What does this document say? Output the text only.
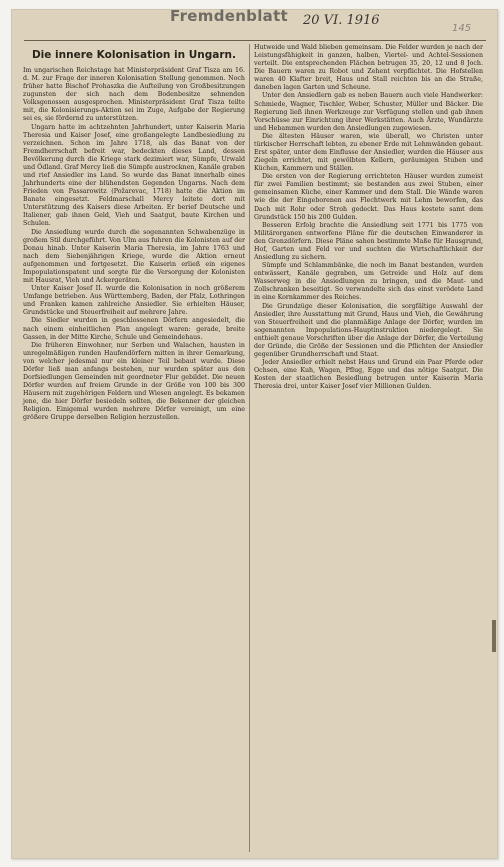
Fremdenblatt 20 VI. 1916
145
Die innere Kolonisation in Ungarn.

Im ungarischen Reichstage hat Ministerpräsident Graf Tisza am 16. d. M. zur Frage der inneren Kolonisation Stellung genommen. Noch früher hatte Bischof Prohaszka die Aufteilung von Großbesitzungen zugunsten der sich nach dem Bodenbesitze sehnenden Volksgenossen ausgesprochen. Ministerpräsident Graf Tisza teilte mit, die Kolonisierungs-Aktion sei im Zuge, Aufgabe der Regierung sei es, sie fördernd zu unterstützen.

Ungarn hatte im achtzehnten Jahrhundert, unter Kaiserin Maria Theresia und Kaiser Josef, eine großangelegte Landbesiedlung zu verzeichnen. Schon im Jahre 1718, als das Banat von der Fremdherrschaft befreit war, bedeckten dieses Land, dessen Bevölkerung durch die Kriege stark dezimiert war, Sümpfe, Urwald und Ödland. Graf Mercy ließ die Sümpfe austrocknen, Kanäle graben und rief Ansiedler ins Land. So wurde das Banat innerhalb eines Jahrhunderts eine der blühendsten Gegenden Ungarns. Nach dem Frieden von Passarowitz (Požarevac, 1718) hatte die Aktion im Banate eingesetzt. Feldmarschall Mercy leitete dort mit Unterstützung des Kaisers diese Arbeiten. Er berief Deutsche und Italiener, gab ihnen Geld, Vieh und Saatgut, baute Kirchen und Schulen.

Die Ansiedlung wurde durch die sogenannten Schwabenzüge in großem Stil durchgeführt. Von Ulm aus fuhren die Kolonisten auf der Donau hinab. Unter Kaiserin Maria Theresia, im Jahre 1763 und nach dem Siebenjährigen Kriege, wurde die Aktion erneut aufgenommen und fortgesetzt. Die Kaiserin erließ ein eigenes Impopulationspatent und sorgte für die Versorgung der Kolonisten mit Hausrat, Vieh und Ackergeräten.

Unter Kaiser Josef II. wurde die Kolonisation in noch größerem Umfange betrieben. Aus Württemberg, Baden, der Pfalz, Lothringen und Franken kamen zahlreiche Ansiedler. Sie erhielten Häuser, Grundstücke und Steuerfreiheit auf mehrere Jahre.

Die Siedler wurden in geschlossenen Dörfern angesiedelt, die nach einem einheitlichen Plan angelegt waren: gerade, breite Gassen, in der Mitte Kirche, Schule und Gemeindehaus.

Die früheren Einwohner, nur Serben und Walachen, hausten in unregelmäßigen runden Haufendörfern mitten in ihrer Gemarkung, von welcher jedesmal nur ein kleiner Teil bebaut wurde. Diese Dörfer ließ man anfangs bestehen, nur wurden später aus den Dorfsiedlungen Gemeinden mit geordneter Flur gebildet. Die neuen Dörfer wurden auf freiem Grunde in der Größe von 100 bis 300 Häusern mit zugehörigen Feldern und Wiesen angelegt. Es bekamen jene, die hier Dörfer besiedeln sollten, die Bekenner der gleichen Religion. Einigemal wurden mehrere Dörfer vereinigt, um eine größere Gruppe derselben Religion herzustellen.

Hutweide und Wald blieben gemeinsam. Die Felder wurden je nach der Leistungsfähigkeit in ganzen, halben, Viertel- und Achtel-Sessionen verteilt. Die entsprechenden Flächen betrugen 35, 20, 12 und 8 Joch. Die Bauern waren zu Robot und Zehent verpflichtet. Die Hofstellen waren 40 Klafter breit, Haus und Stall reichten bis an die Straße, daneben lagen Garten und Scheune.

Unter den Ansiedlern gab es neben Bauern auch viele Handwerker: Schmiede, Wagner, Tischler, Weber, Schuster, Müller und Bäcker. Die Regierung ließ ihnen Werkzeuge zur Verfügung stellen und gab ihnen Vorschüsse zur Einrichtung ihrer Werkstätten. Auch Ärzte, Wundärzte und Hebammen wurden den Ansiedlungen zugewiesen.

Die ältesten Häuser waren, wie überall, wo Christen unter türkischer Herrschaft lebten, zu ebener Erde mit Lehmwänden gebaut. Erst später, unter dem Einflusse der Ansiedler, wurden die Häuser aus Ziegeln errichtet, mit gewölbten Kellern, geräumigen Stuben und Küchen, Kammern und Ställen.

Die ersten von der Regierung errichteten Häuser wurden zumeist für zwei Familien bestimmt; sie bestanden aus zwei Stuben, einer gemeinsamen Küche, einer Kammer und dem Stall. Die Wände waren wie die der Eingeborenen aus Flechtwerk mit Lehm beworfen, das Dach mit Rohr oder Stroh gedeckt. Das Haus kostete samt dem Grundstück 150 bis 200 Gulden.

Besseren Erfolg brachte die Ansiedlung seit 1771 bis 1775 von Militärorganen entworfene Pläne für die deutschen Einwanderer in den Grenzdörfern. Diese Pläne sahen bestimmte Maße für Hausgrund, Hof, Garten und Feld vor und suchten die Wirtschaftlichkeit der Ansiedlung zu sichern.

Sümpfe und Schlammbänke, die noch im Banat bestanden, wurden entwässert, Kanäle gegraben, um Getreide und Holz auf dem Wasserweg in die Ansiedlungen zu bringen, und die Maut- und Zollschranken beseitigt. So verwandelte sich das einst verödete Land in eine Kornkammer des Reiches.

Die Grundzüge dieser Kolonisation, die sorgfältige Auswahl der Ansiedler, ihre Ausstattung mit Grund, Haus und Vieh, die Gewährung von Steuerfreiheit und die planmäßige Anlage der Dörfer, wurden im sogenannten Impopulations-Hauptinstruktion niedergelegt. Sie enthielt genaue Vorschriften über die Anlage der Dörfer, die Verteilung der Gründe, die Größe der Sessionen und die Pflichten der Ansiedler gegenüber Grundherrschaft und Staat.

Jeder Ansiedler erhielt nebst Haus und Grund ein Paar Pferde oder Ochsen, eine Kuh, Wagen, Pflug, Egge und das nötige Saatgut. Die Kosten der staatlichen Besiedlung betrugen unter Kaiserin Maria Theresia drei, unter Kaiser Josef vier Millionen Gulden.
